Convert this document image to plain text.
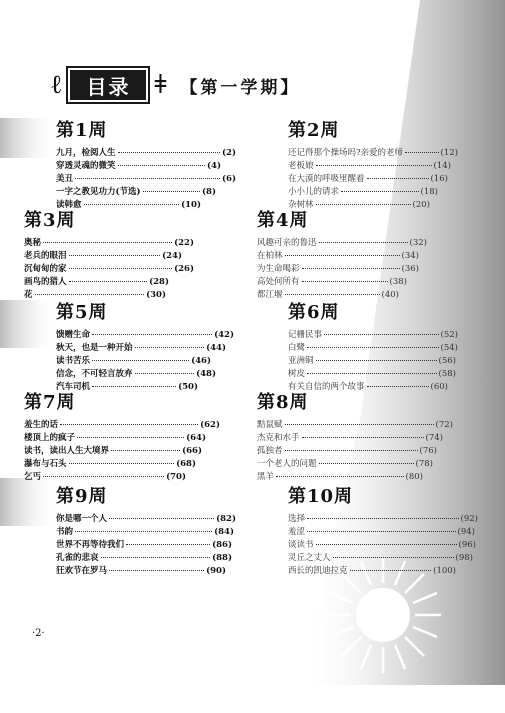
ℓ 目录 ǂ 【第一学期】
第1周
九月，检阅人生	(2)
穿透灵魂的微笑	(4)
美丑	(6)
一字之教见功力(节选)	(8)
读韩愈	(10)
第3周
奥秘	(22)
老兵的眼泪	(24)
沉甸甸的家	(26)
画鸟的猎人	(28)
花	(30)
第5周
馈赠生命	(42)
秋天，也是一种开始	(44)
读书苦乐	(46)
信念，不可轻言放弃	(48)
汽车司机	(50)
第7周
羞生的话	(62)
楼顶上的疯子	(64)
读书，读出人生大境界	(66)
瀑布与石头	(68)
乞丐	(70)
第9周
你是哪一个人	(82)
书韵	(84)
世界不再等待我们	(86)
孔雀的悲哀	(88)
狂欢节在罗马	(90)
第2周
还记得那个操场吗?亲爱的老师	(12)
老板娘	(14)
在大漠的呼吸里醒着	(16)
小小儿的请求	(18)
杂树林	(20)
第4周
风趣可亲的鲁迅	(32)
在柏林	(34)
为生命喝彩	(36)
高处何所有	(38)
都江堰	(40)
第6周
记栅民事	(52)
白鹭	(54)
亚洲铜	(56)
树皮	(58)
有关自信的两个故事	(60)
第8周
黠鼠赋	(72)
杰克和水手	(74)
孤独者	(76)
一个老人的问题	(78)
黑羊	(80)
第10周
选择	(92)
羞涩	(94)
谈读书	(96)
灵丘之丈人	(98)
西长的凯迪拉克	(100)
·2·
